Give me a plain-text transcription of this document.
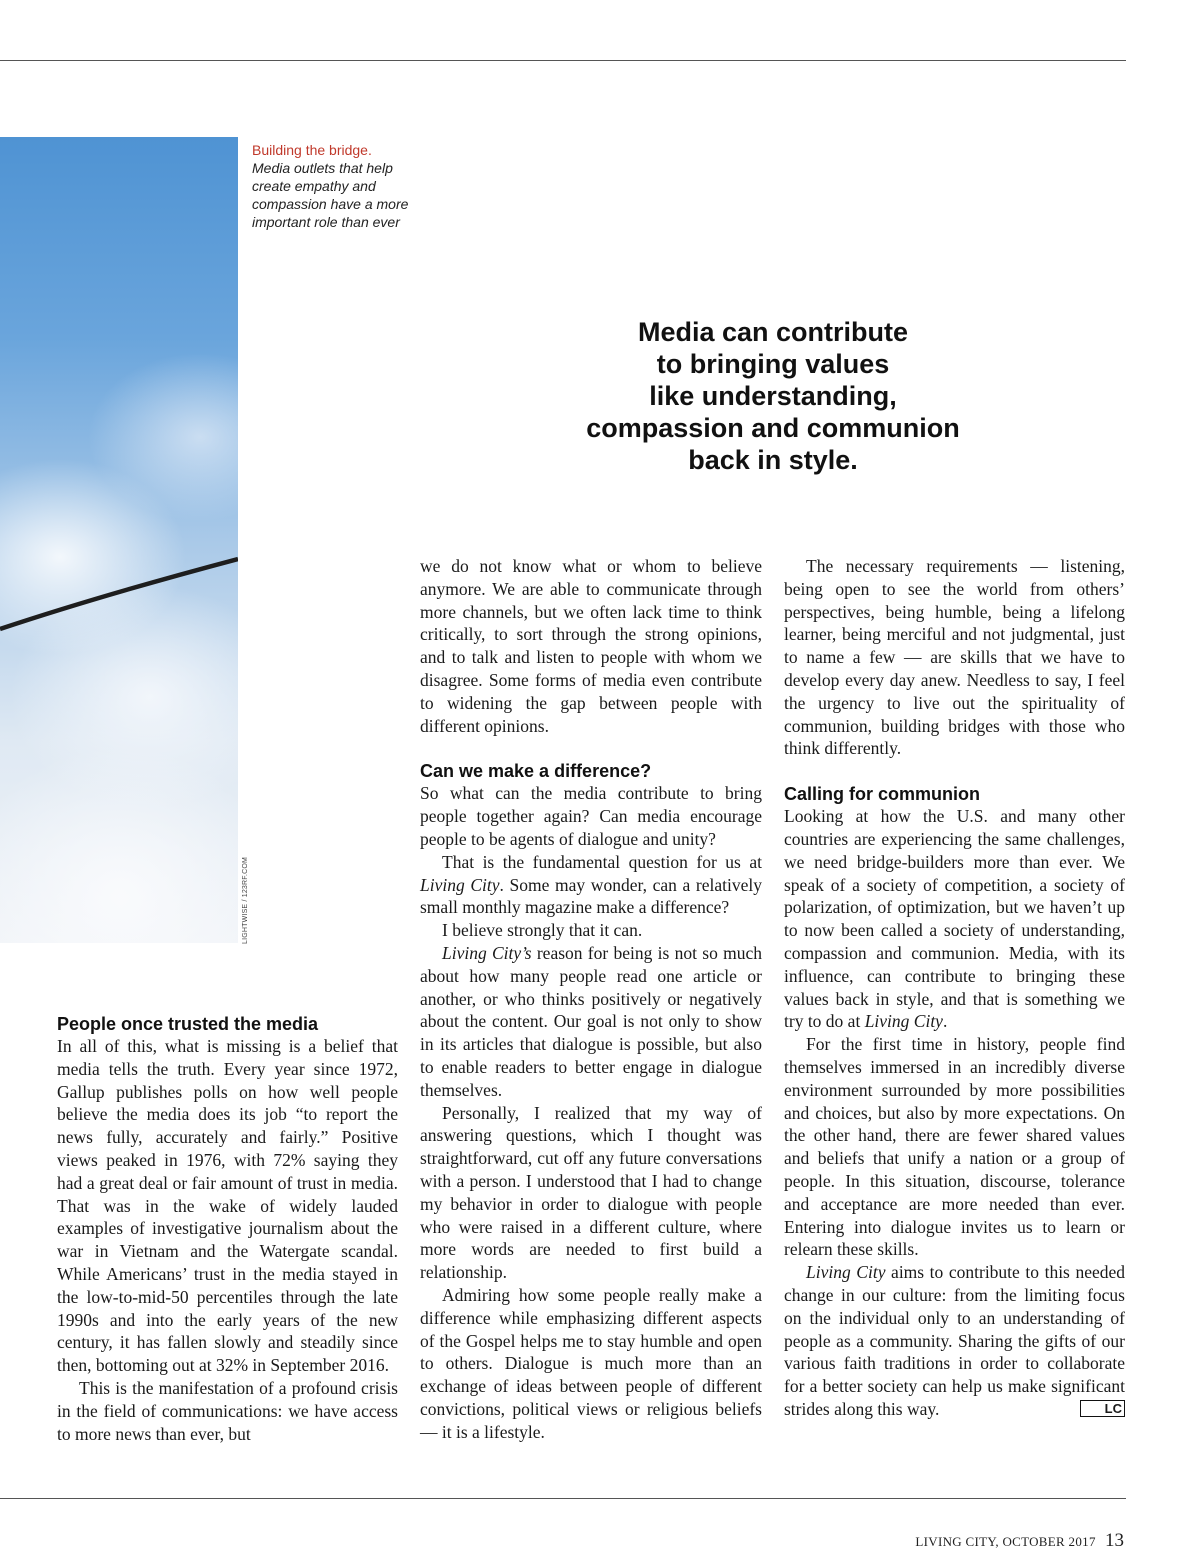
LIGHTWISE / 123RF.COM
Building the bridge.
Media outlets that help create empathy and compassion have a more important role than ever
Media can contribute
to bringing values
like understanding,
compassion and communion
back in style.
People once trusted the media

In all of this, what is missing is a belief that media tells the truth. Every year since 1972, Gallup publishes polls on how well people believe the media does its job “to report the news fully, accurately and fairly.” Positive views peaked in 1976, with 72% saying they had a great deal or fair amount of trust in media. That was in the wake of widely lauded examples of investigative journalism about the war in Vietnam and the Watergate scandal. While Americans’ trust in the media stayed in the low-to-mid-50 percentiles through the late 1990s and into the early years of the new century, it has fallen slowly and steadily since then, bottoming out at 32% in September 2016.

This is the manifestation of a profound crisis in the field of communications: we have access to more news than ever, but

we do not know what or whom to believe anymore. We are able to communicate through more channels, but we often lack time to think critically, to sort through the strong opinions, and to talk and listen to people with whom we disagree. Some forms of media even contribute to widening the gap between people with different opinions.

Can we make a difference?

So what can the media contribute to bring people together again? Can media encourage people to be agents of dialogue and unity?

That is the fundamental question for us at Living City. Some may wonder, can a relatively small monthly magazine make a difference?

I believe strongly that it can.

Living City’s reason for being is not so much about how many people read one article or another, or who thinks positively or negatively about the content. Our goal is not only to show in its articles that dialogue is possible, but also to enable readers to better engage in dialogue themselves.

Personally, I realized that my way of answering questions, which I thought was straightforward, cut off any future conversations with a person. I understood that I had to change my behavior in order to dialogue with people who were raised in a different culture, where more words are needed to first build a relationship.

Admiring how some people really make a difference while emphasizing different aspects of the Gospel helps me to stay humble and open to others. Dialogue is much more than an exchange of ideas between people of different convictions, political views or religious beliefs — it is a lifestyle.

The necessary requirements — listening, being open to see the world from others’ perspectives, being humble, being a lifelong learner, being merciful and not judgmental, just to name a few — are skills that we have to develop every day anew. Needless to say, I feel the urgency to live out the spirituality of communion, building bridges with those who think differently.

Calling for communion

Looking at how the U.S. and many other countries are experiencing the same challenges, we need bridge-builders more than ever. We speak of a society of competition, a society of polarization, of optimization, but we haven’t up to now been called a society of understanding, compassion and communion. Media, with its influence, can contribute to bringing these values back in style, and that is something we try to do at Living City.

For the first time in history, people find themselves immersed in an incredibly diverse environment surrounded by more possibilities and choices, but also by more expectations. On the other hand, there are fewer shared values and beliefs that unify a nation or a group of people. In this situation, discourse, tolerance and acceptance are more needed than ever. Entering into dialogue invites us to learn or relearn these skills.

Living City aims to contribute to this needed change in our culture: from the limiting focus on the individual only to an understanding of people as a community. Sharing the gifts of our various faith traditions in order to collaborate for a better society can help us make significant strides along this way.	LC

LIVING CITY, OCTOBER 2017 13
